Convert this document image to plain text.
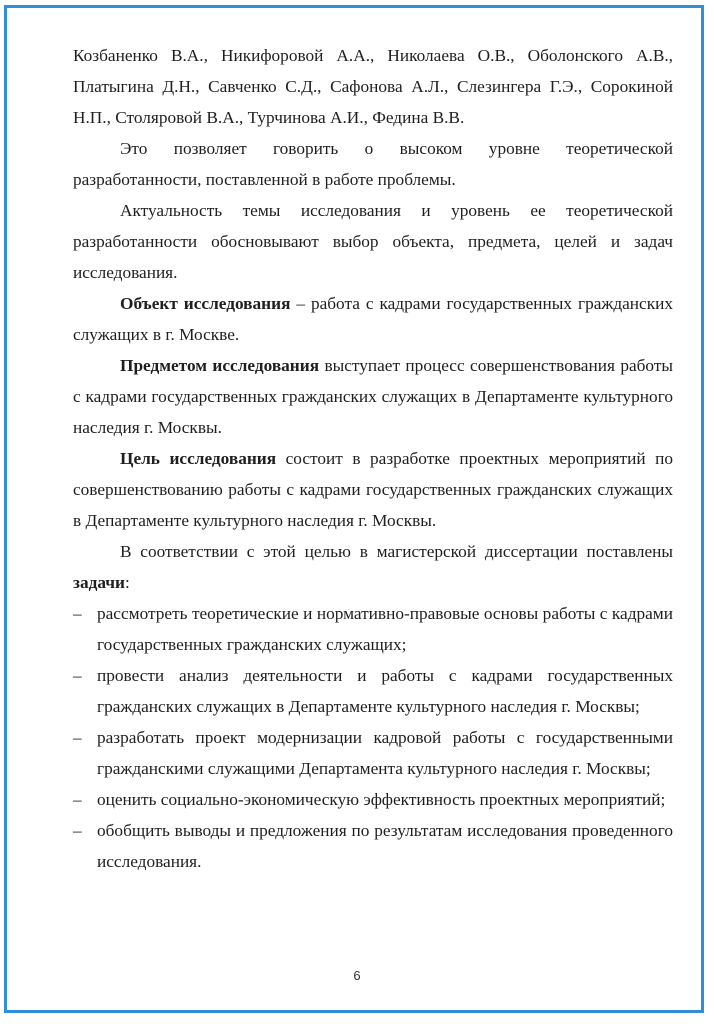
Козбаненко В.А., Никифоровой А.А., Николаева О.В., Оболонского А.В., Платыгина Д.Н., Савченко С.Д., Сафонова А.Л., Слезингера Г.Э., Сорокиной Н.П., Столяровой В.А., Турчинова А.И., Федина В.В.

Это позволяет говорить о высоком уровне теоретической разработанности, поставленной в работе проблемы.

Актуальность темы исследования и уровень ее теоретической разработанности обосновывают выбор объекта, предмета, целей и задач исследования.

Объект исследования – работа с кадрами государственных гражданских служащих в г. Москве.

Предметом исследования выступает процесс совершенствования работы с кадрами государственных гражданских служащих в Департаменте культурного наследия г. Москвы.

Цель исследования состоит в разработке проектных мероприятий по совершенствованию работы с кадрами государственных гражданских служащих в Департаменте культурного наследия г. Москвы.

В соответствии с этой целью в магистерской диссертации поставлены задачи:

– рассмотреть теоретические и нормативно-правовые основы работы с кадрами государственных гражданских служащих;

– провести анализ деятельности и работы с кадрами государственных гражданских служащих в Департаменте культурного наследия г. Москвы;

– разработать проект модернизации кадровой работы с государственными гражданскими служащими Департамента культурного наследия г. Москвы;

– оценить социально-экономическую эффективность проектных мероприятий;

– обобщить выводы и предложения по результатам исследования проведенного исследования.

6
